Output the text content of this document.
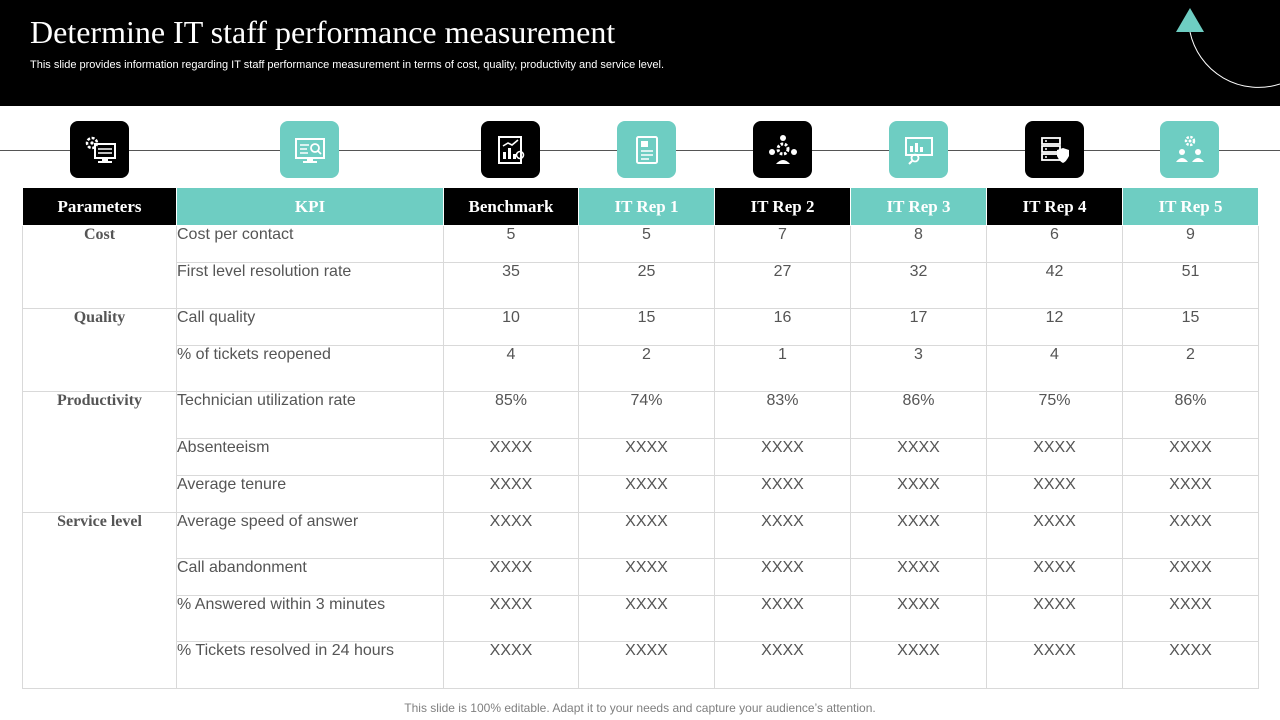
Determine IT staff performance measurement
This slide provides information regarding IT staff performance measurement in terms of cost, quality, productivity and service level.
Parameters	KPI	Benchmark	IT Rep 1	IT Rep 2	IT Rep 3	IT Rep 4	IT Rep 5
Cost	Cost per contact	5	5	7	8	6	9
	First level resolution rate	35	25	27	32	42	51
Quality	Call quality	10	15	16	17	12	15
	% of tickets reopened	4	2	1	3	4	2
Productivity	Technician utilization rate	85%	74%	83%	86%	75%	86%
	Absenteeism	XXXX	XXXX	XXXX	XXXX	XXXX	XXXX
	Average tenure	XXXX	XXXX	XXXX	XXXX	XXXX	XXXX
Service level	Average speed of answer	XXXX	XXXX	XXXX	XXXX	XXXX	XXXX
	Call abandonment	XXXX	XXXX	XXXX	XXXX	XXXX	XXXX
	% Answered within 3 minutes	XXXX	XXXX	XXXX	XXXX	XXXX	XXXX
	% Tickets resolved in 24 hours	XXXX	XXXX	XXXX	XXXX	XXXX	XXXX
This slide is 100% editable. Adapt it to your needs and capture your audience’s attention.
